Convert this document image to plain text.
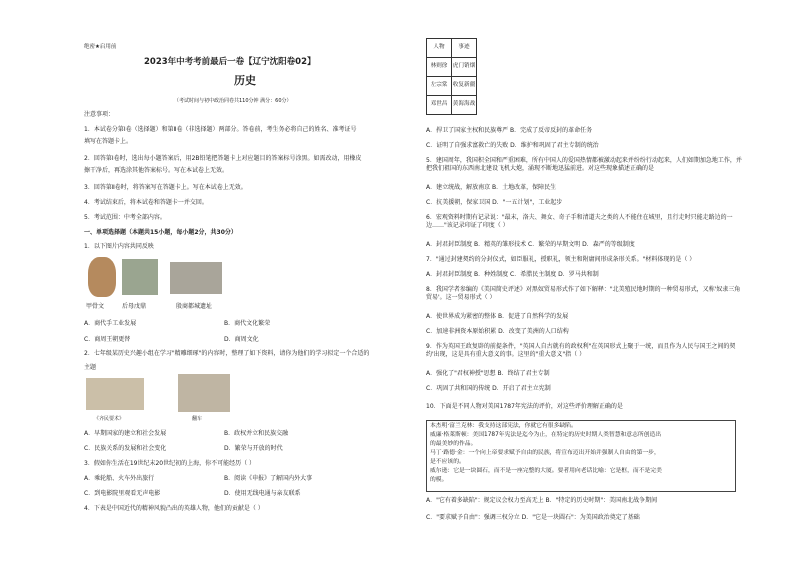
绝密★启用前
2023年中考考前最后一卷【辽宁沈阳卷02】
历史
（考试时间与初中政治同卷共110分钟 满分：60分）
注意事项：
1．本试卷分第Ⅰ卷（选择题）和第Ⅱ卷（非选择题）两部分。答卷前，考生务必将自己的姓名、准考证号
填写在答题卡上。
2．回答第Ⅰ卷时，选出每小题答案后，用2B铅笔把答题卡上对应题目的答案标号涂黑。如需改动，用橡皮
擦干净后，再选涂其他答案标号。写在本试卷上无效。
3．回答第Ⅱ卷时，将答案写在答题卡上。写在本试卷上无效。
4．考试结束后，将本试卷和答题卡一并交回。
5．考试范围：中考全部内容。
一、单项选择题（本题共15小题，每小题2分，共30分）
1．以下图片内容共同反映
甲骨文	后母戊鼎	殷商都城遗址
A．商代手工业发展	B．商代文化繁荣
C．商周王朝更替	D．商周文化
2．七年级某历史兴趣小组在学习"精雕细琢"的内容时，整理了如下资料，请你为他们的学习拟定一个合适的
主题
《齐民要术》	翻车
A．早期国家的建立和社会发展	B．政权并立和民族交融
C．民族关系的发展和社会变化	D．繁荣与开放的时代
3．假如你生活在19世纪末20世纪初的上海，你不可能经历（ ）
A．乘轮船、火车外出旅行	B．阅读《申报》了解国内外大事
C．到电影院里观看无声电影	D．使用无线电通与亲友联系
4．下表是中国近代的精神风貌凸出的英雄人物，他们的贡献是（ ）
人物	事迹
林则徐	虎门销烟
左宗棠	收复新疆
邓世昌	黄海海战
A．捍卫了国家主权和民族尊严 B．完成了反帝反封的革命任务
C．证明了自强求富救亡的失败 D．维护和巩固了君主专制的统治
5．建国周年，我国积全国和严重困难，所有中国人的爱国热情都被激动起来并纷纷行动起来，人们如期加急地工作，并把我们祖国的东西南北建设飞机大炮，涌现不断地迅猛前进。对这些现象描述正确的是
A．建立统战，解放南京 B．土地改革，保障民生
C．抗美援朝，保家卫国 D．"一五计划"，工业起步
6．宏观资料时期有记录说："最末，洛夫、舞女、奇子手和清道夫之类的人不能住在城里，且行走时只能走路边的一边……"该记录印证了印度（ ）
A．封君封臣制度 B．精英的雏形技术 C．繁荣的早期文明 D．森严的等级制度
7．"通过封建契约的分封仪式，如臣服礼，授职礼，领主和附庸间形成条形关系。"材料体现的是（ ）
A．封君封臣制度 B．种姓制度 C．希腊民主制度 D．罗马共和制
8．我国学者参编的《美国简史评述》对黑奴贸易形式作了如下解释："北美殖民地时期的一种贸易形式，又称'奴隶三角贸易'。这一贸易形式（ ）
A．使世界成为紧密的整体 B．促进了自然科学的发展
C．加速非洲资本原始积累 D．改变了美洲的人口结构
9．作为英国王政复辟的前提条件，"英国人自古就有的政权利"在英国形式上聚于一统，而且作为人民与国王之间的契约'出现，这是具有重大意义的事。这里的"重大意义"指（ ）
A．强化了"君权神授"思想 B．终结了君主专制
C．巩固了共和国的传统 D．开启了君主立宪制
10．下面是不同人物对美国1787年宪法的评价，对这些评价理解正确的是
本杰明·富兰克林：我支持这部宪法，你就它有很多缺陷。
威廉·格莱斯顿：美国1787年宪法是迄今为止，在特定的历史时期人类智慧和意志所创造出
的最美妙的作品。
马丁·路德·金：一个向上帝要求赋予自由的民族，将宣布迈出开始并强制人自由的第一步，
是不应该的。
威尔逊：它是一块圆石，而不是一座完整的大厦。要者用向老话比喻：它是框，而不是完美
的模。
A．"它有着多缺陷"：规定议会权力至高无上 B．"特定的历史时期"：美国南北战争期间
C．"要求赋予自由"：强调三权分立 D．"它是一块圆石"：为美国政治奠定了基础
